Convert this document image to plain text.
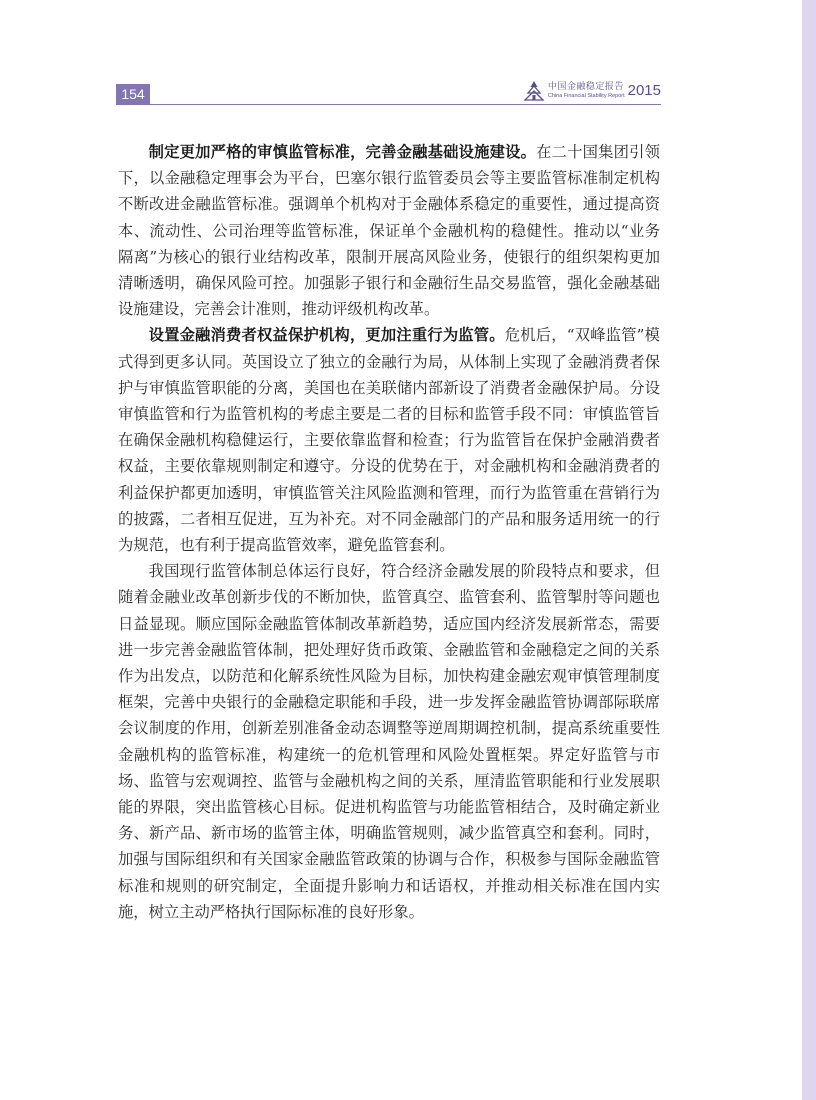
154	中国金融稳定报告
China Financial Stability Report 2015

制定更加严格的审慎监管标准，完善金融基础设施建设。在二十国集团引领下，以金融稳定理事会为平台，巴塞尔银行监管委员会等主要监管标准制定机构不断改进金融监管标准。强调单个机构对于金融体系稳定的重要性，通过提高资本、流动性、公司治理等监管标准，保证单个金融机构的稳健性。推动以“业务隔离”为核心的银行业结构改革，限制开展高风险业务，使银行的组织架构更加清晰透明，确保风险可控。加强影子银行和金融衍生品交易监管，强化金融基础设施建设，完善会计准则，推动评级机构改革。

设置金融消费者权益保护机构，更加注重行为监管。危机后，“双峰监管”模式得到更多认同。英国设立了独立的金融行为局，从体制上实现了金融消费者保护与审慎监管职能的分离，美国也在美联储内部新设了消费者金融保护局。分设审慎监管和行为监管机构的考虑主要是二者的目标和监管手段不同：审慎监管旨在确保金融机构稳健运行，主要依靠监督和检查；行为监管旨在保护金融消费者权益，主要依靠规则制定和遵守。分设的优势在于，对金融机构和金融消费者的利益保护都更加透明，审慎监管关注风险监测和管理，而行为监管重在营销行为的披露，二者相互促进，互为补充。对不同金融部门的产品和服务适用统一的行为规范，也有利于提高监管效率，避免监管套利。

我国现行监管体制总体运行良好，符合经济金融发展的阶段特点和要求，但随着金融业改革创新步伐的不断加快，监管真空、监管套利、监管掣肘等问题也日益显现。顺应国际金融监管体制改革新趋势，适应国内经济发展新常态，需要进一步完善金融监管体制，把处理好货币政策、金融监管和金融稳定之间的关系作为出发点，以防范和化解系统性风险为目标，加快构建金融宏观审慎管理制度框架，完善中央银行的金融稳定职能和手段，进一步发挥金融监管协调部际联席会议制度的作用，创新差别准备金动态调整等逆周期调控机制，提高系统重要性金融机构的监管标准，构建统一的危机管理和风险处置框架。界定好监管与市场、监管与宏观调控、监管与金融机构之间的关系，厘清监管职能和行业发展职能的界限，突出监管核心目标。促进机构监管与功能监管相结合，及时确定新业务、新产品、新市场的监管主体，明确监管规则，减少监管真空和套利。同时，加强与国际组织和有关国家金融监管政策的协调与合作，积极参与国际金融监管标准和规则的研究制定，全面提升影响力和话语权，并推动相关标准在国内实施，树立主动严格执行国际标准的良好形象。
